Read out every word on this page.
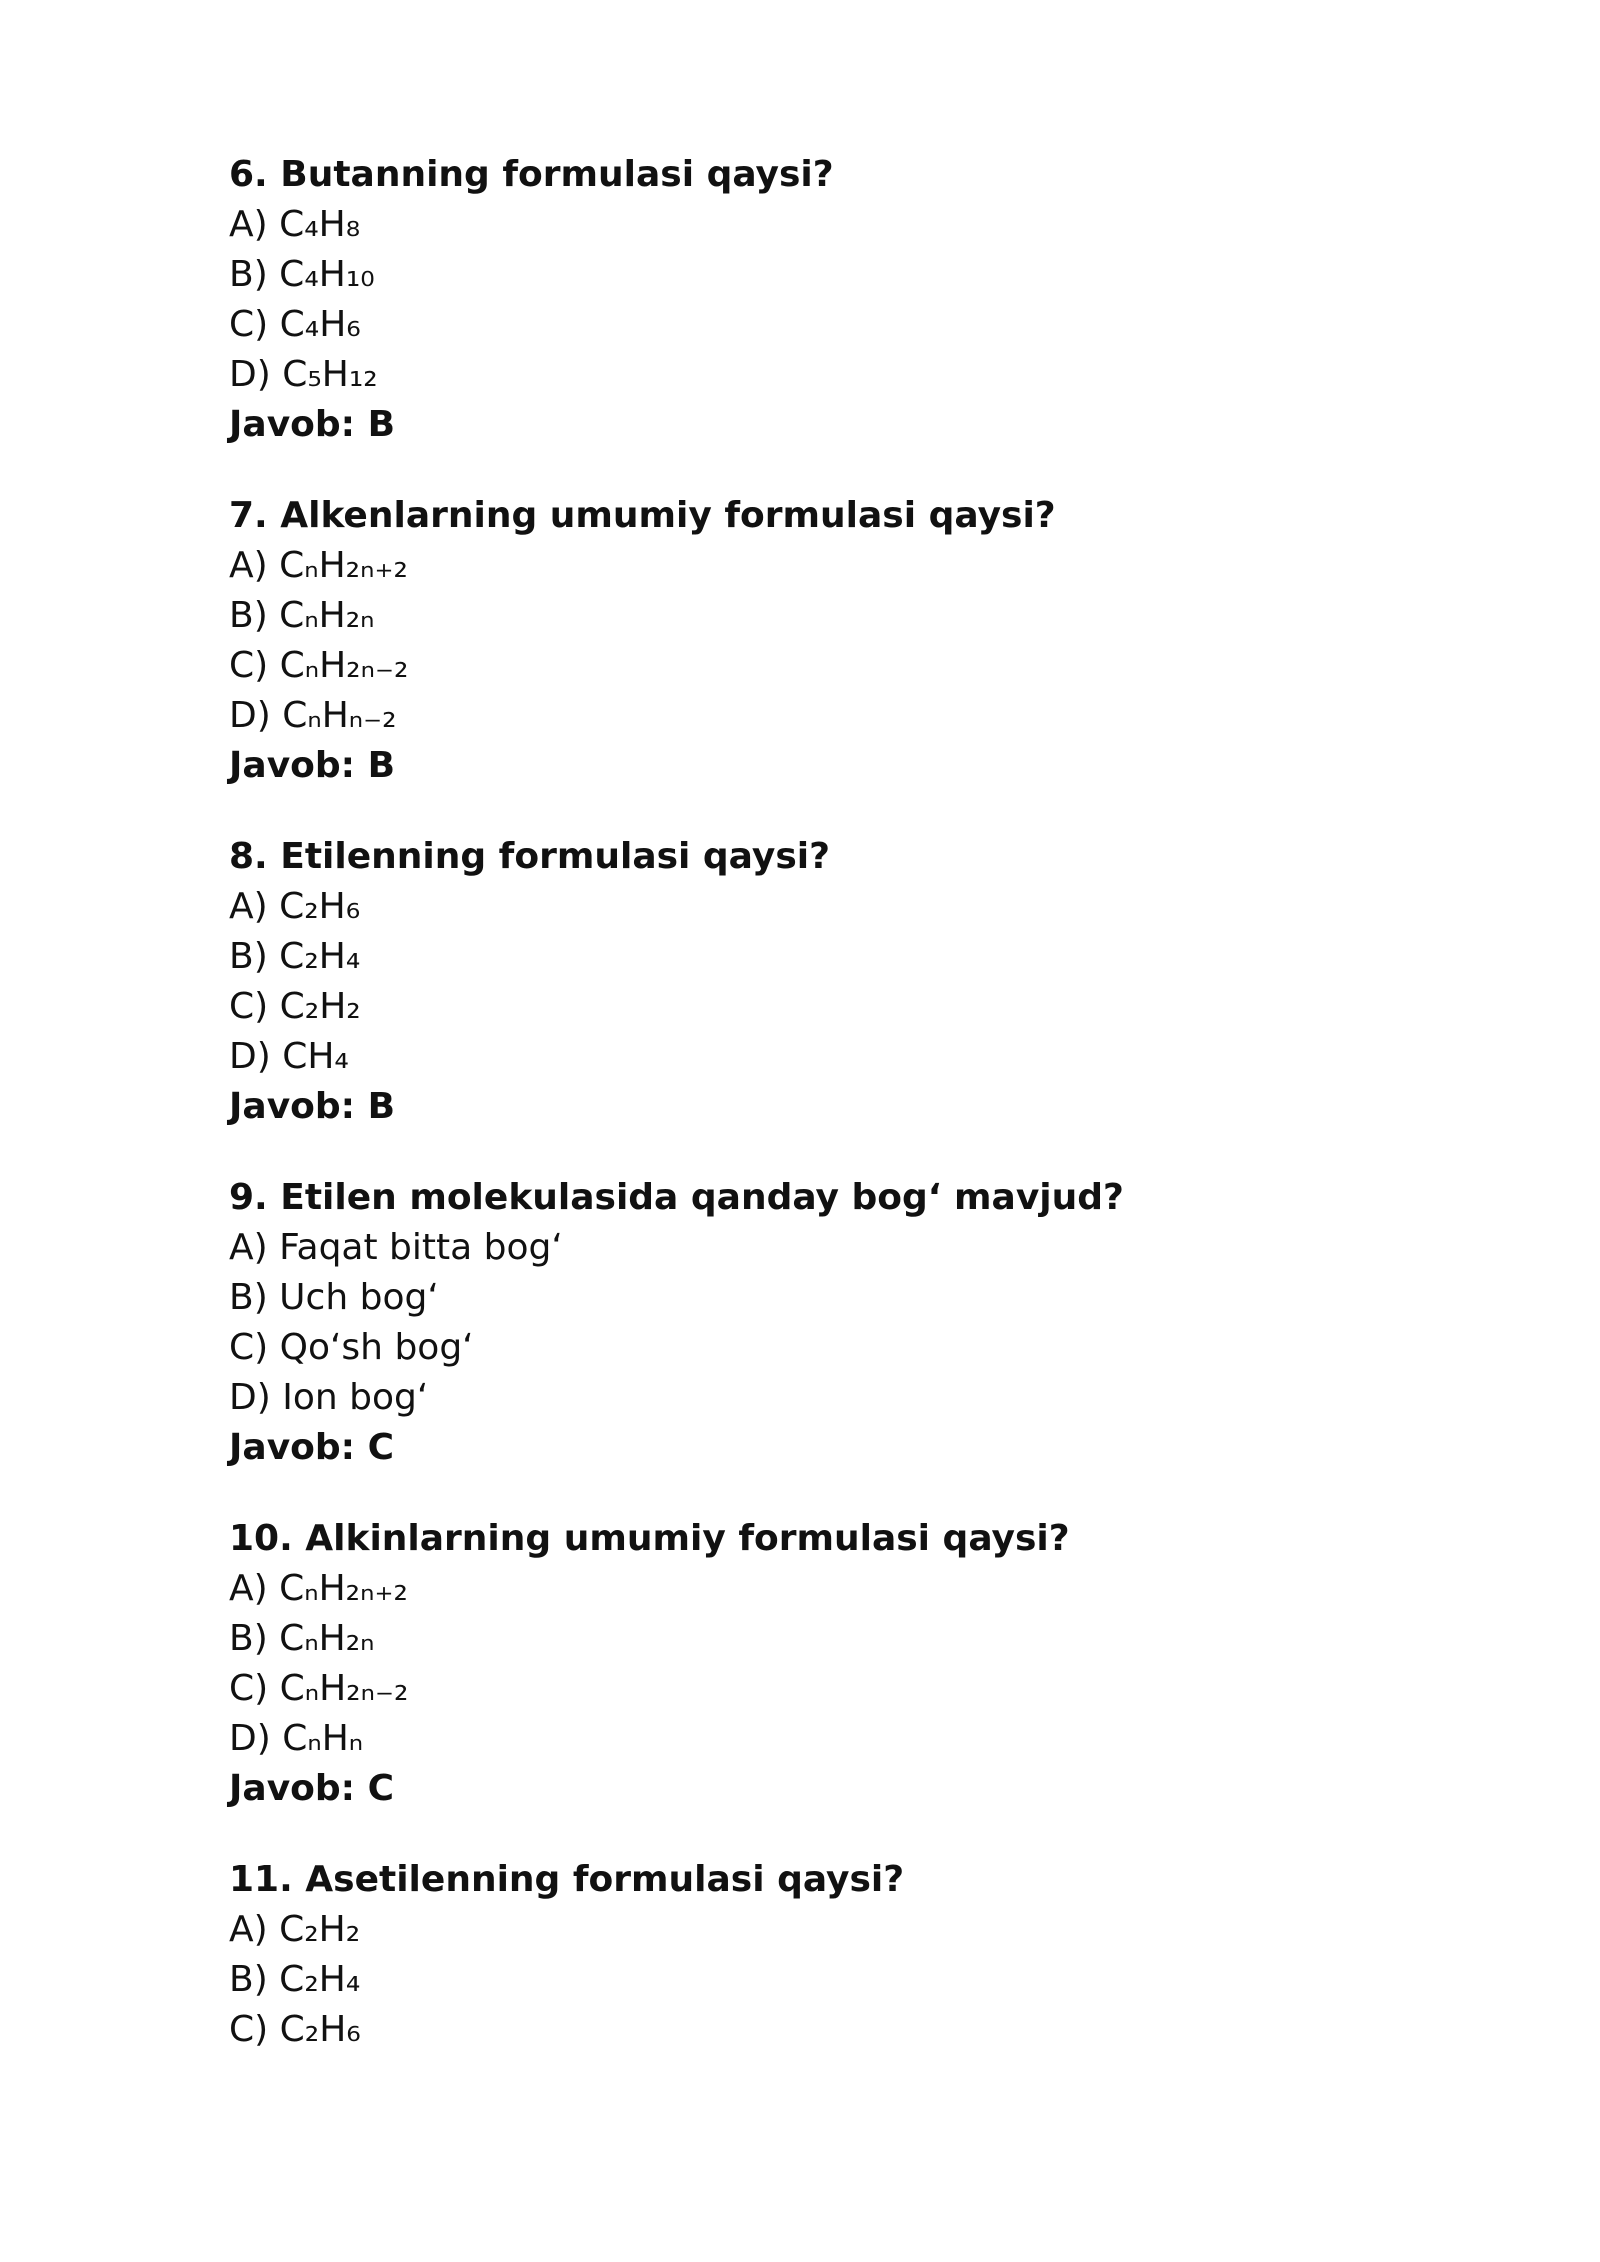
6. Butanning formulasi qaysi?
A) C₄H₈
B) C₄H₁₀
C) C₄H₆
D) C₅H₁₂
Javob: B
7. Alkenlarning umumiy formulasi qaysi?
A) CₙH₂ₙ₊₂
B) CₙH₂ₙ
C) CₙH₂ₙ₋₂
D) CₙHₙ₋₂
Javob: B
8. Etilenning formulasi qaysi?
A) C₂H₆
B) C₂H₄
C) C₂H₂
D) CH₄
Javob: B
9. Etilen molekulasida qanday bog‘ mavjud?
A) Faqat bitta bog‘
B) Uch bog‘
C) Qo‘sh bog‘
D) Ion bog‘
Javob: C
10. Alkinlarning umumiy formulasi qaysi?
A) CₙH₂ₙ₊₂
B) CₙH₂ₙ
C) CₙH₂ₙ₋₂
D) CₙHₙ
Javob: C
11. Asetilenning formulasi qaysi?
A) C₂H₂
B) C₂H₄
C) C₂H₆
